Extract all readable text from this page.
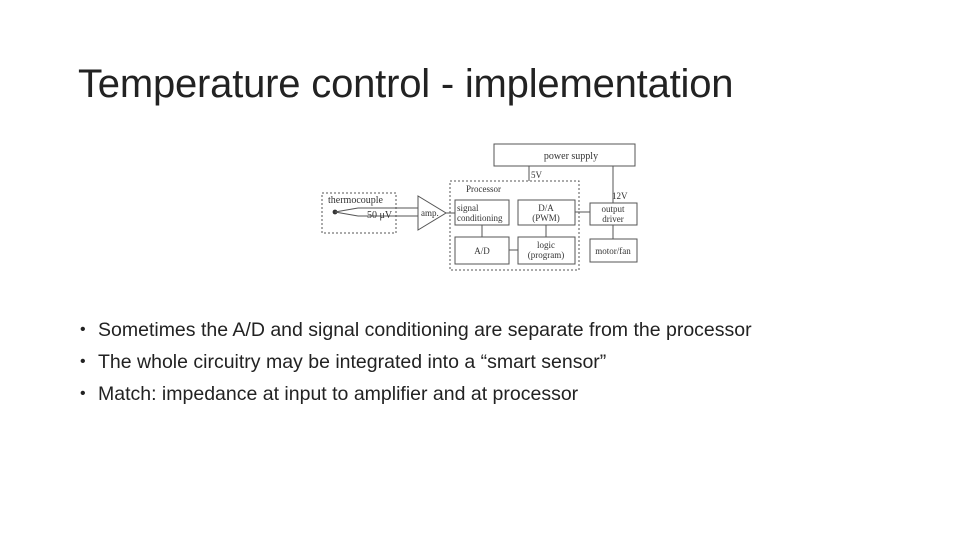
Temperature control - implementation
power supply
5V
12V
thermocouple
50 μV	amp.
Processor
signal
conditioning
D/A
(PWM)
A/D
logic
(program)
output
driver
motor/fan
• Sometimes the A/D and signal conditioning are separate from the processor
• The whole circuitry may be integrated into a “smart sensor”
• Match: impedance at input to amplifier and at processor
